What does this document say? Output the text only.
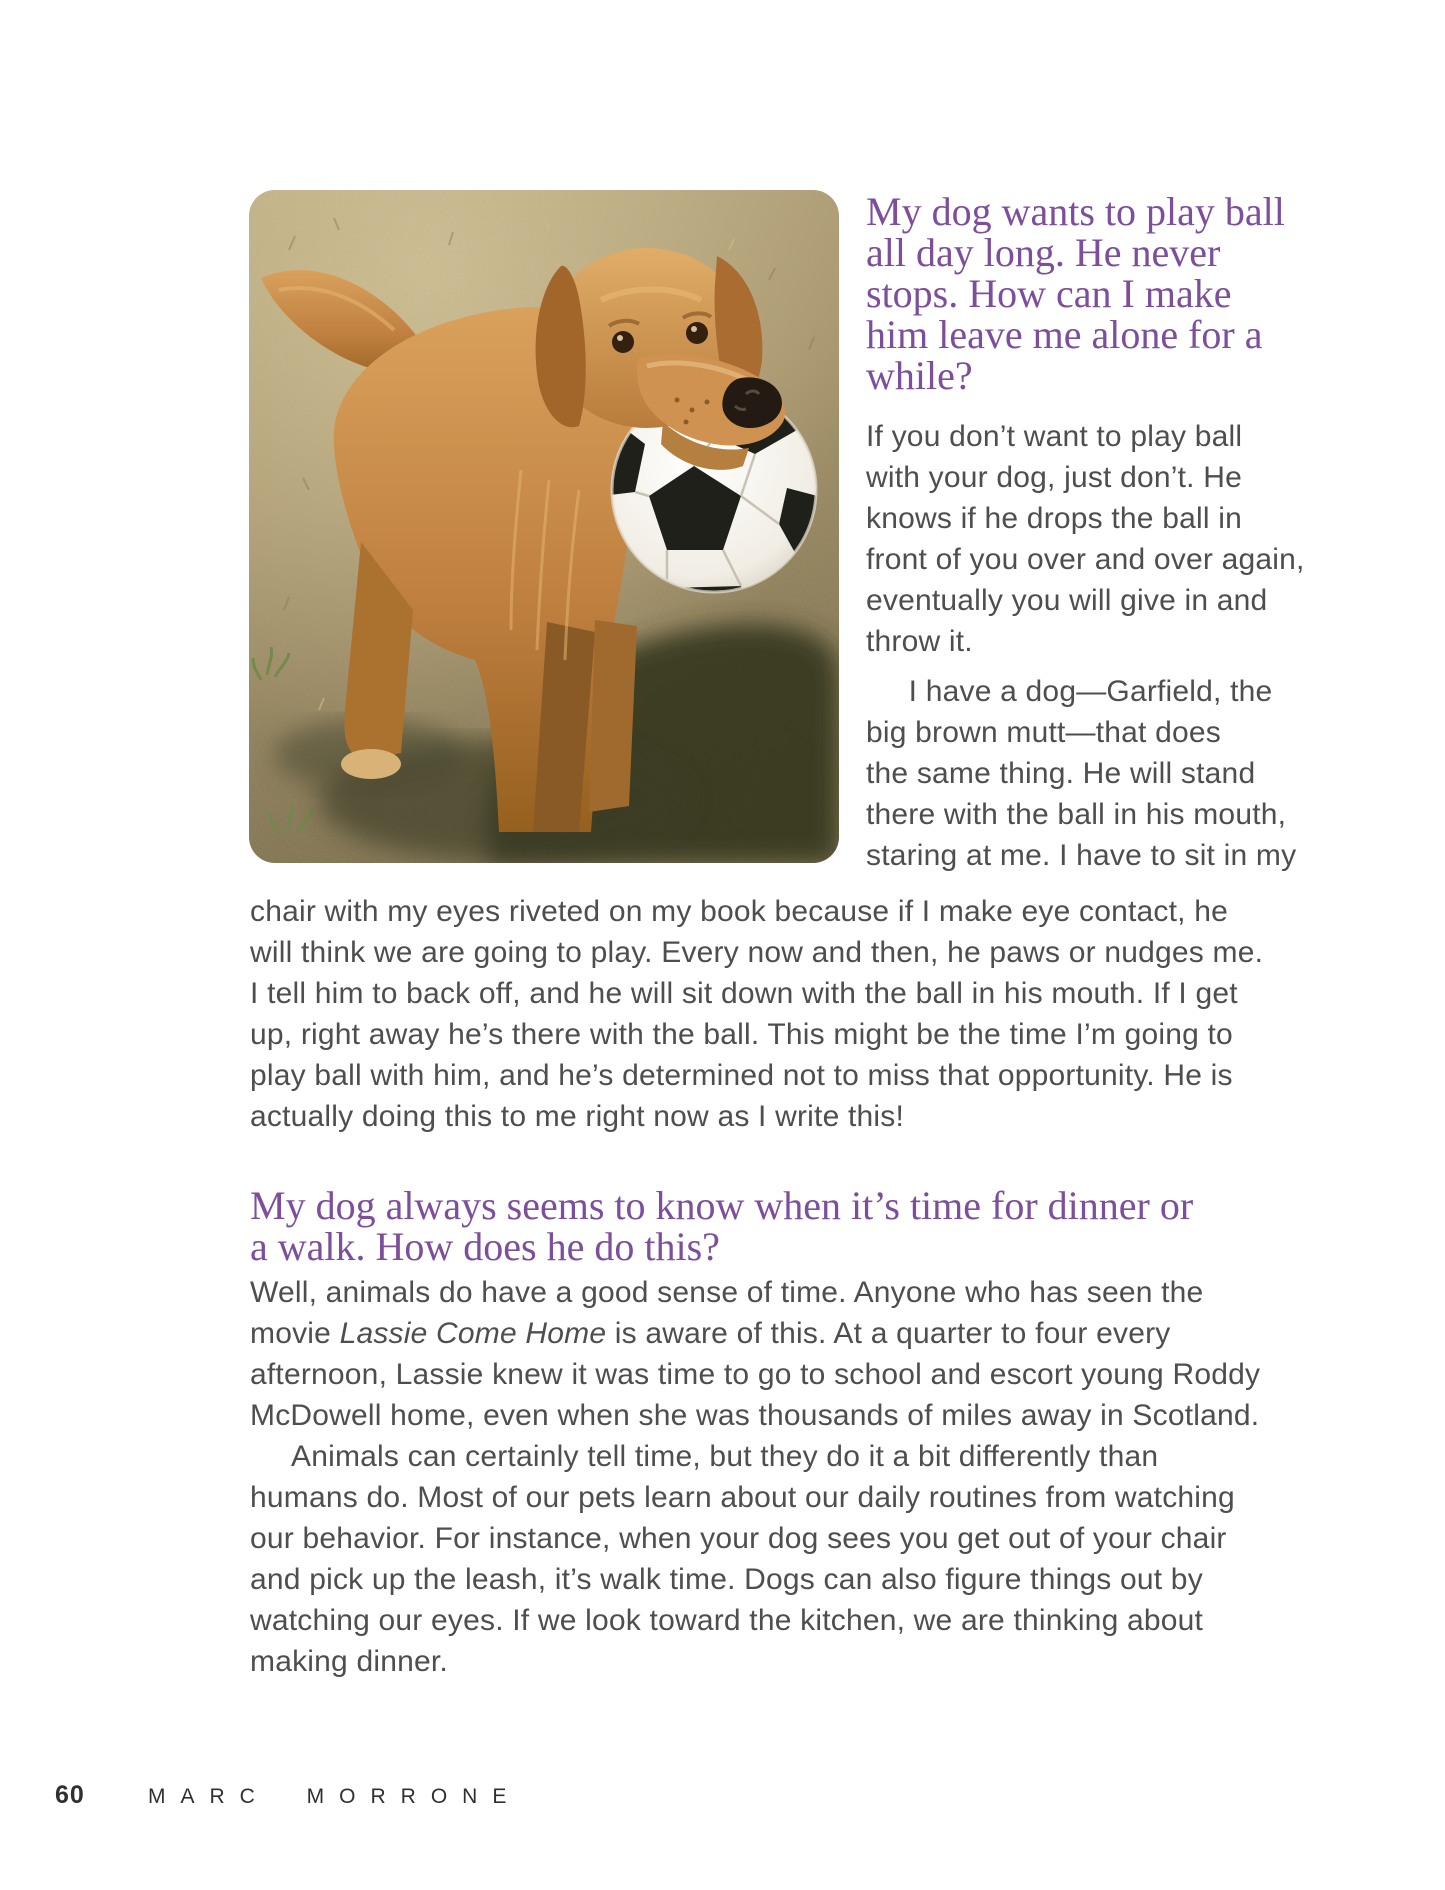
My dog wants to play ball
all day long. He never
stops. How can I make
him leave me alone for a
while?
If you don’t want to play ball
with your dog, just don’t. He
knows if he drops the ball in
front of you over and over again,
eventually you will give in and
throw it.
I have a dog—Garfield, the
big brown mutt—that does
the same thing. He will stand
there with the ball in his mouth,
staring at me. I have to sit in my
chair with my eyes riveted on my book because if I make eye contact, he
will think we are going to play. Every now and then, he paws or nudges me.
I tell him to back off, and he will sit down with the ball in his mouth. If I get
up, right away he’s there with the ball. This might be the time I’m going to
play ball with him, and he’s determined not to miss that opportunity. He is
actually doing this to me right now as I write this!
My dog always seems to know when it’s time for dinner or
a walk. How does he do this?
Well, animals do have a good sense of time. Anyone who has seen the
movie Lassie Come Home is aware of this. At a quarter to four every
afternoon, Lassie knew it was time to go to school and escort young Roddy
McDowell home, even when she was thousands of miles away in Scotland.
Animals can certainly tell time, but they do it a bit differently than
humans do. Most of our pets learn about our daily routines from watching
our behavior. For instance, when your dog sees you get out of your chair
and pick up the leash, it’s walk time. Dogs can also figure things out by
watching our eyes. If we look toward the kitchen, we are thinking about
making dinner.
60	MARC MORRONE
